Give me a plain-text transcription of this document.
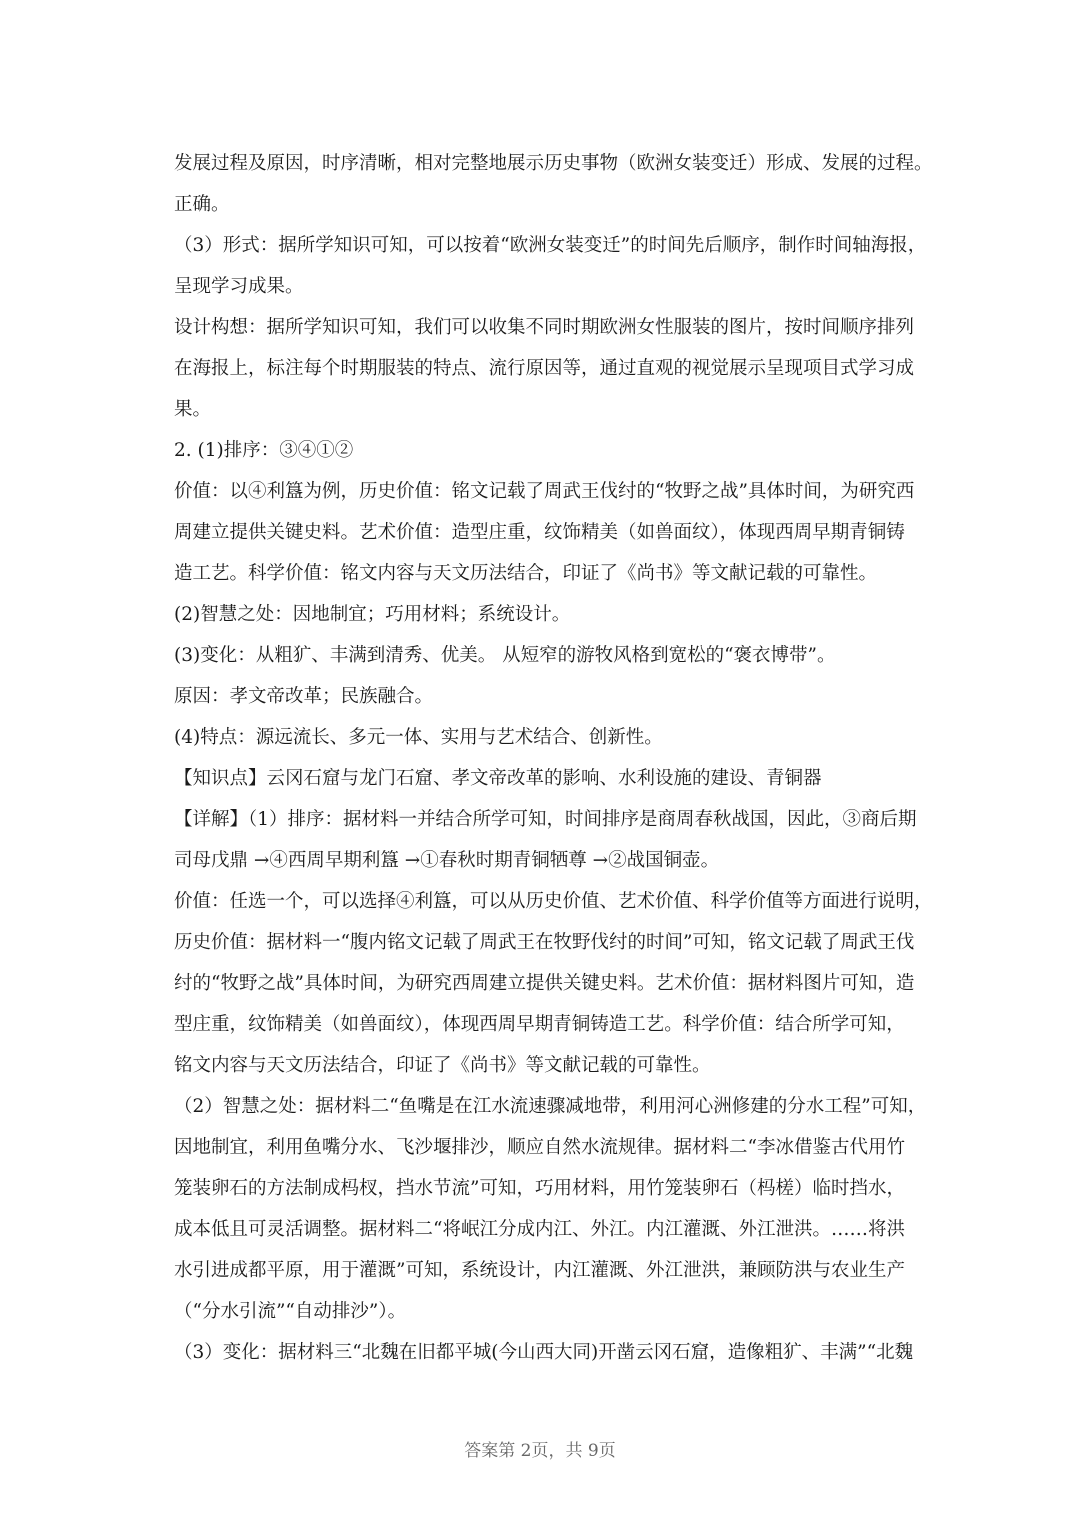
发展过程及原因，时序清晰，相对完整地展示历史事物（欧洲女装变迁）形成、发展的过程。
正确。
（3）形式：据所学知识可知，可以按着“欧洲女装变迁”的时间先后顺序，制作时间轴海报，
呈现学习成果。
设计构想：据所学知识可知，我们可以收集不同时期欧洲女性服装的图片，按时间顺序排列
在海报上，标注每个时期服装的特点、流行原因等，通过直观的视觉展示呈现项目式学习成
果。
2. (1)排序：③④①②
价值：以④利簋为例，历史价值：铭文记载了周武王伐纣的“牧野之战”具体时间，为研究西
周建立提供关键史料。艺术价值：造型庄重，纹饰精美（如兽面纹），体现西周早期青铜铸
造工艺。科学价值：铭文内容与天文历法结合，印证了《尚书》等文献记载的可靠性。
(2)智慧之处：因地制宜；巧用材料；系统设计。
(3)变化：从粗犷、丰满到清秀、优美。 从短窄的游牧风格到宽松的“褒衣博带”。
原因：孝文帝改革；民族融合。
(4)特点：源远流长、多元一体、实用与艺术结合、创新性。
【知识点】云冈石窟与龙门石窟、孝文帝改革的影响、水利设施的建设、青铜器
【详解】（1）排序：据材料一并结合所学可知，时间排序是商周春秋战国，因此，③商后期
司母戊鼎 →④西周早期利簋 →①春秋时期青铜牺尊 →②战国铜壶。
价值：任选一个，可以选择④利簋，可以从历史价值、艺术价值、科学价值等方面进行说明，
历史价值：据材料一“腹内铭文记载了周武王在牧野伐纣的时间”可知，铭文记载了周武王伐
纣的“牧野之战”具体时间，为研究西周建立提供关键史料。艺术价值：据材料图片可知，造
型庄重，纹饰精美（如兽面纹），体现西周早期青铜铸造工艺。科学价值：结合所学可知，
铭文内容与天文历法结合，印证了《尚书》等文献记载的可靠性。
（2）智慧之处：据材料二“鱼嘴是在江水流速骤减地带，利用河心洲修建的分水工程”可知，
因地制宜，利用鱼嘴分水、飞沙堰排沙，顺应自然水流规律。据材料二“李冰借鉴古代用竹
笼装卵石的方法制成杩杈，挡水节流”可知，巧用材料，用竹笼装卵石（杩槎）临时挡水，
成本低且可灵活调整。据材料二“将岷江分成内江、外江。内江灌溉、外江泄洪。……将洪
水引进成都平原，用于灌溉”可知，系统设计，内江灌溉、外江泄洪，兼顾防洪与农业生产
（“分水引流”“自动排沙”）。
（3）变化：据材料三“北魏在旧都平城(今山西大同)开凿云冈石窟，造像粗犷、丰满”“北魏
答案第 2页，共 9页
